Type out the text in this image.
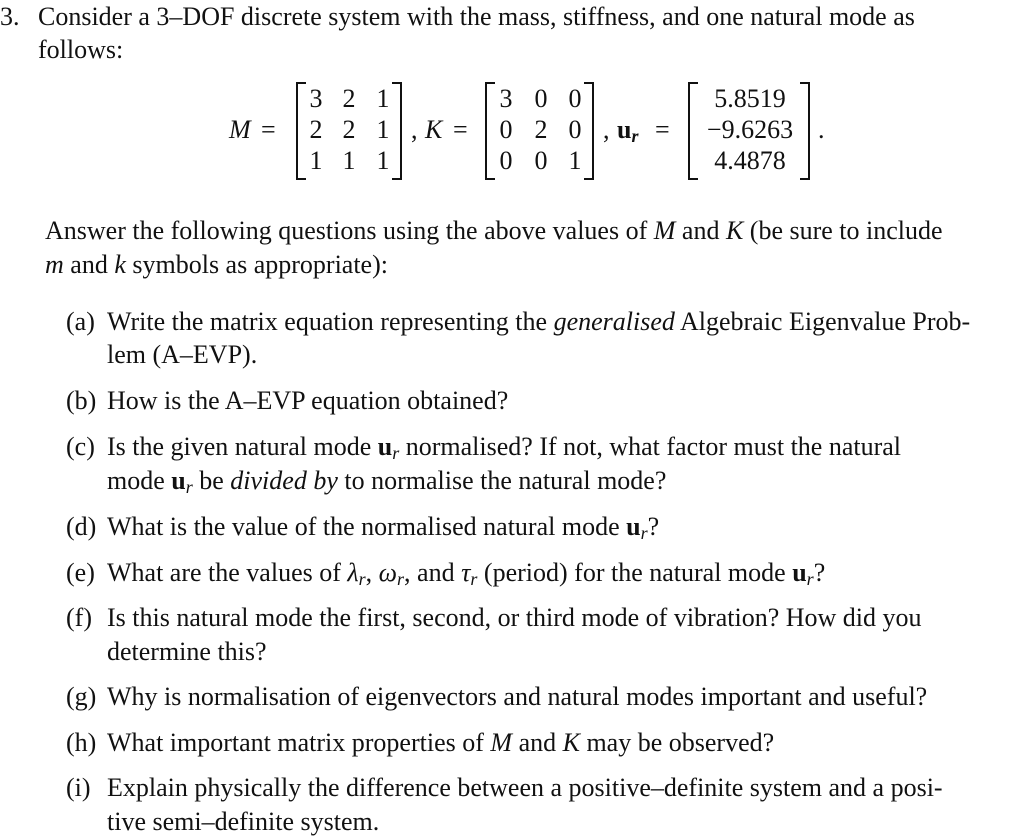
3. Consider a 3–DOF discrete system with the mass, stiffness, and one natural mode as
follows:
M =
3 2 1
2 2 1
1 1 1
, K =
3 0 0
0 2 0
0 0 1
, $u_r$ =
5.8519
−9.6263
4.4878
.
Answer the following questions using the above values of M and K (be sure to include
m and k symbols as appropriate):
(a) Write the matrix equation representing the generalised Algebraic Eigenvalue Prob-
lem (A–EVP).
(b) How is the A–EVP equation obtained?
(c) Is the given natural mode $u_r$ normalised? If not, what factor must the natural
mode $u_r$ be divided by to normalise the natural mode?
(d) What is the value of the normalised natural mode $u_r$?
(e) What are the values of $\lambda_r$, $\omega_r$, and $\tau_r$ (period) for the natural mode $u_r$?
(f) Is this natural mode the first, second, or third mode of vibration? How did you
determine this?
(g) Why is normalisation of eigenvectors and natural modes important and useful?
(h) What important matrix properties of M and K may be observed?
(i) Explain physically the difference between a positive–definite system and a posi-
tive semi–definite system.
